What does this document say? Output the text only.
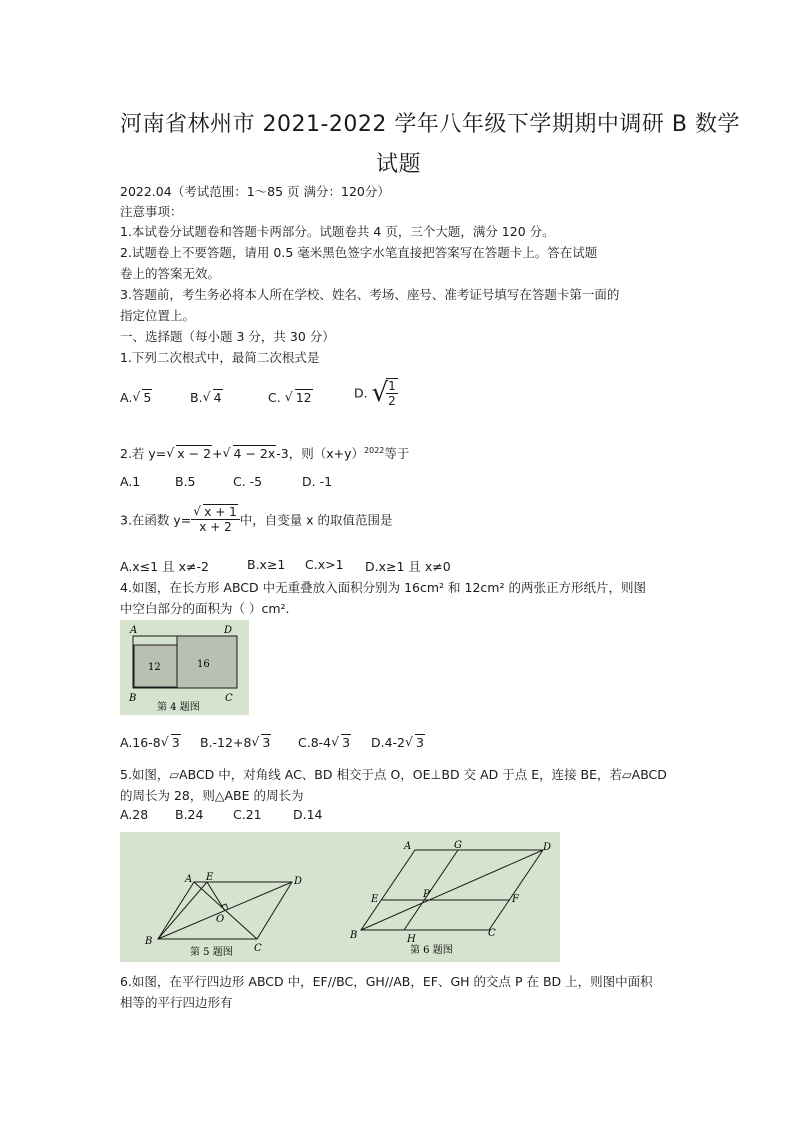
河南省林州市 2021-2022 学年八年级下学期期中调研 B 数学
试题
2022.04（考试范围：1～85 页 满分：120分）
注意事项：
1.本试卷分试题卷和答题卡两部分。试题卷共 4 页，三个大题，满分 120 分。
2.试题卷上不要答题，请用 0.5 毫米黑色签字水笔直接把答案写在答题卡上。答在试题
卷上的答案无效。
3.答题前，考生务必将本人所在学校、姓名、考场、座号、准考证号填写在答题卡第一面的
指定位置上。
一、选择题（每小题 3 分，共 30 分）
1.下列二次根式中，最简二次根式是
A. √ 5	B. √ 4	C. √ 12	D. √
$\frac{1}{2}$
2.若 y= √ x − 2+ √ 4 − 2x-3，则$(x+y)^{2022}$等于
A.1	B.5	C. -5	D. -1
3.在函数 y= √ $\frac{x + 1}{x + 2}$ 中，自变量 x 的取值范围是
A.x≤1 且 x≠-2	B.x≥1 C.x>1 D.x≥1 且 x≠0
4.如图，在长方形 ABCD 中无重叠放入面积分别为 16cm² 和 12cm² 的两张正方形纸片，则图
中空白部分的面积为（ ）cm².
A	D
B	C
12	16
第 4 题图
A.16-8 √ 3 B.-12+8 √ 3 C.8-4 √ 3 D.4-2 √ 3
5.如图，▱ABCD 中，对角线 AC、BD 相交于点 O，OE⊥BD 交 AD 于点 E，连接 BE，若▱ABCD
的周长为 28，则△ABE 的周长为
A.28 B.24 C.21	D.14
A E	D
O
B
C
第 5 题图
A	G	D
E	P	F
B	H
C
第 6 题图
6.如图，在平行四边形 ABCD 中，EF//BC，GH//AB，EF、GH 的交点 P 在 BD 上，则图中面积
相等的平行四边形有
